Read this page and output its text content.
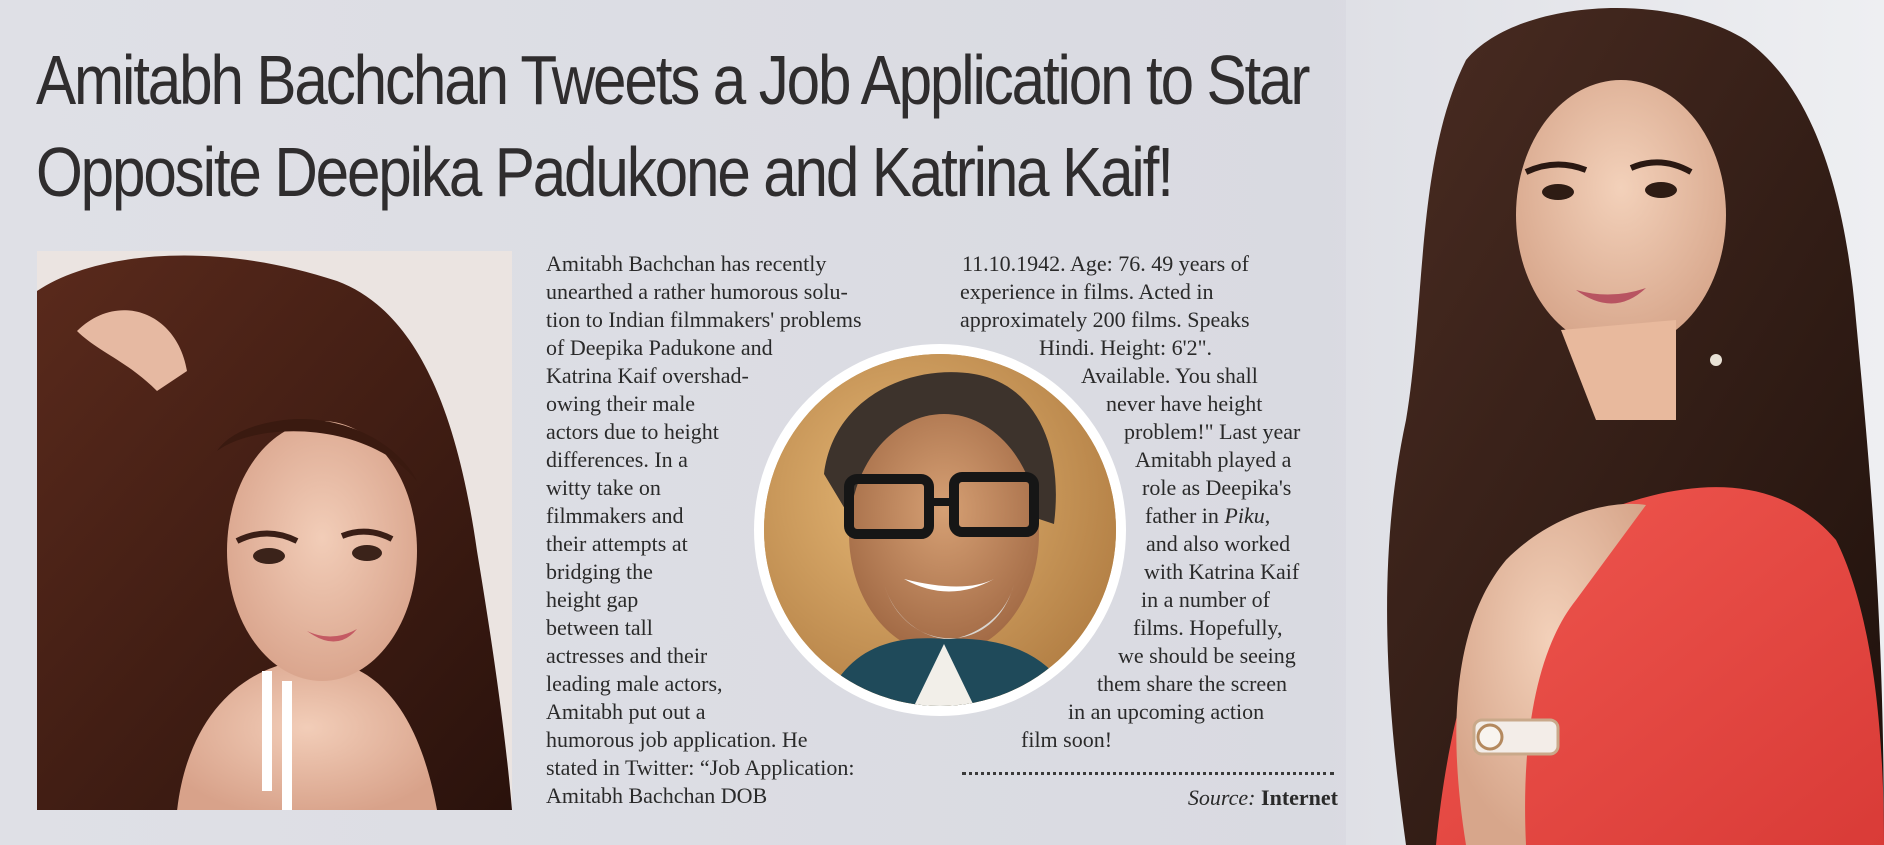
Amitabh Bachchan Tweets a Job Application to Star
Opposite Deepika Padukone and Katrina Kaif!
Amitabh Bachchan has recently
unearthed a rather humorous solu-
tion to Indian filmmakers' problems
of Deepika Padukone and
Katrina Kaif overshad-
owing their male
actors due to height
differences. In a
witty take on
filmmakers and
their attempts at
bridging the
height gap
between tall
actresses and their
leading male actors,
Amitabh put out a
humorous job application. He
stated in Twitter: “Job Application:
Amitabh Bachchan DOB
11.10.1942. Age: 76. 49 years of
experience in films. Acted in
approximately 200 films. Speaks
Hindi. Height: 6'2".
Available. You shall
never have height
problem!" Last year
Amitabh played a
role as Deepika's
father in Piku,
and also worked
with Katrina Kaif
in a number of
films. Hopefully,
we should be seeing
them share the screen
in an upcoming action
film soon!
Source: Internet
